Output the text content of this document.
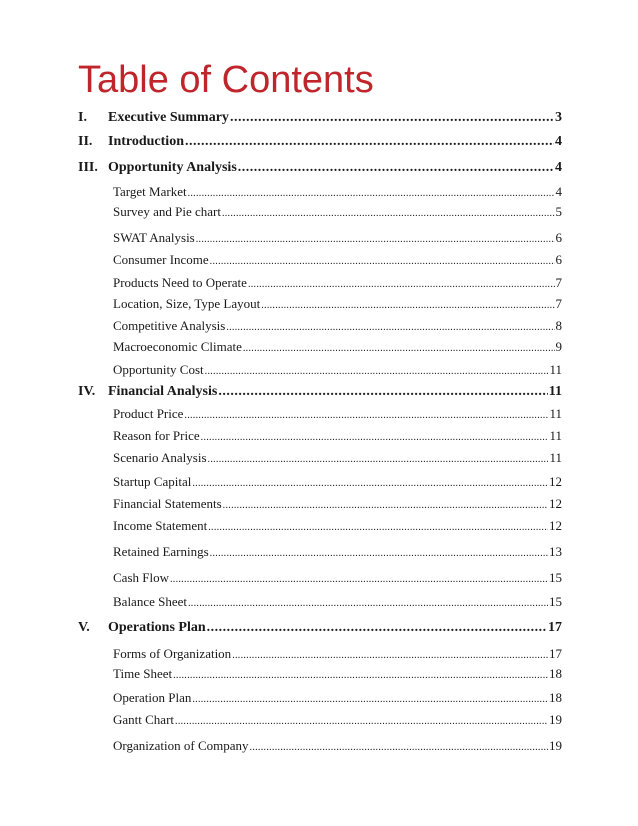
Table of Contents
I.	Executive Summary .....	3
II.	Introduction .....	4
III. Opportunity Analysis .....	4
Target Market .....	4
Survey and Pie chart .....	5
SWAT Analysis .....	6
Consumer Income .....	6
Products Need to Operate .....	7
Location, Size, Type Layout .....	7
Competitive Analysis .....	8
Macroeconomic Climate .....	9
Opportunity Cost .....	11
IV. Financial Analysis .....	11
Product Price .....	11
Reason for Price .....	11
Scenario Analysis .....	11
Startup Capital .....	12
Financial Statements .....	12
Income Statement .....	12
Retained Earnings .....	13
Cash Flow .....	15
Balance Sheet .....	15
V.	Operations Plan .....	17
Forms of Organization .....	17
Time Sheet .....	18
Operation Plan .....	18
Gantt Chart .....	19
Organization of Company .....	19
